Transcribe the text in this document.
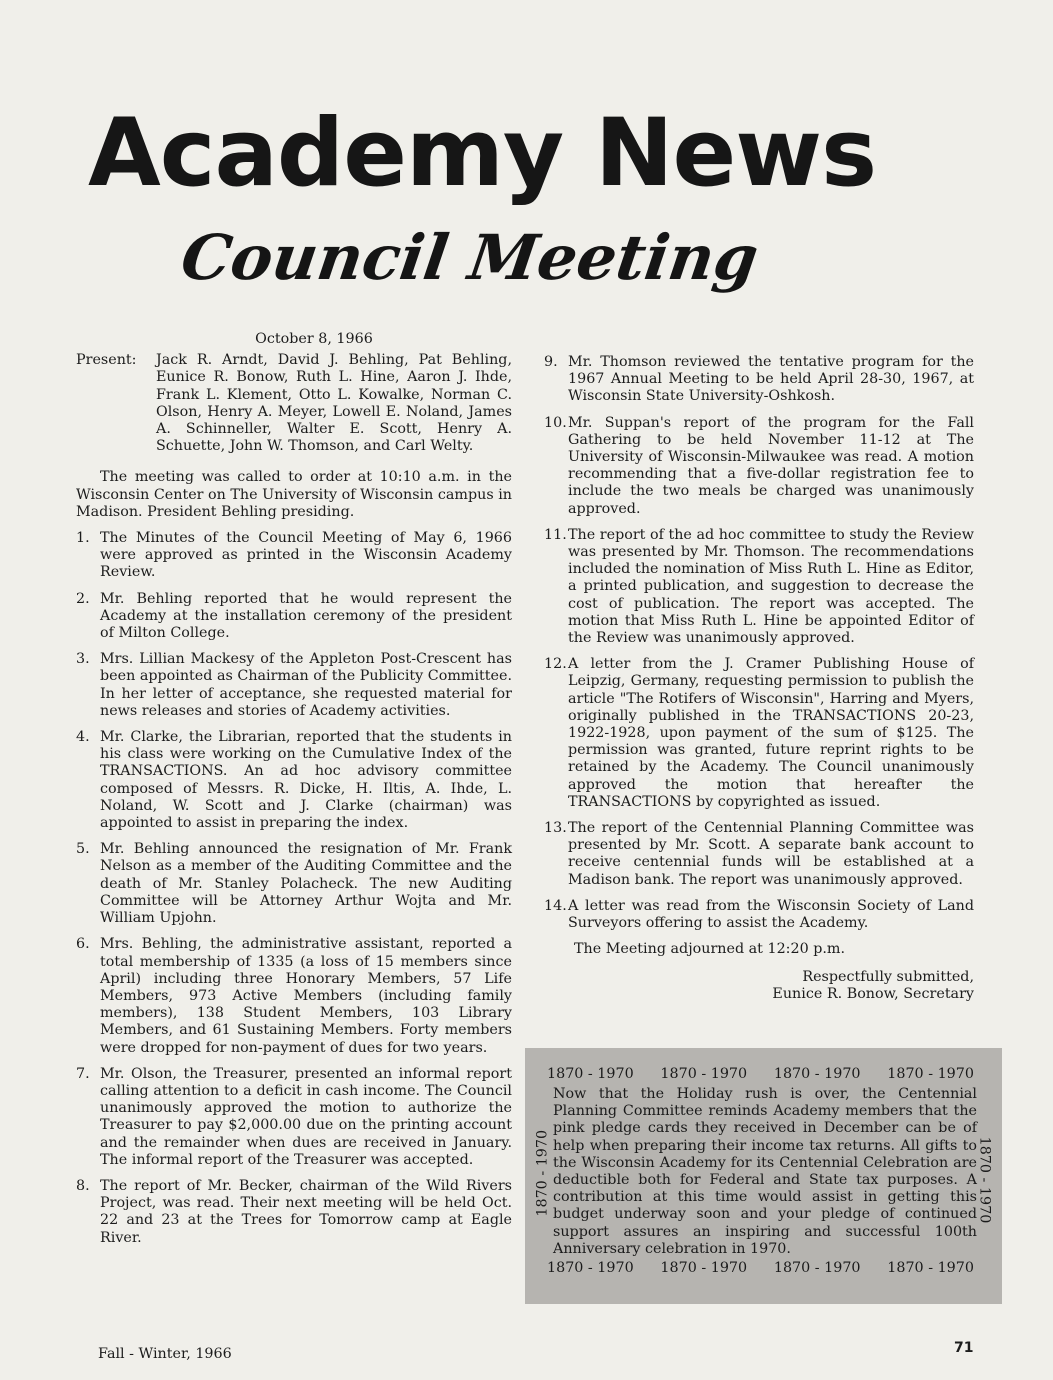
Academy News
Council Meeting
October 8, 1966
Present:	Jack R. Arndt, David J. Behling, Pat Behling, Eunice R. Bonow, Ruth L. Hine, Aaron J. Ihde, Frank L. Klement, Otto L. Kowalke, Norman C. Olson, Henry A. Meyer, Lowell E. Noland, James A. Schinneller, Walter E. Scott, Henry A. Schuette, John W. Thomson, and Carl Welty.
The meeting was called to order at 10:10 a.m. in the Wisconsin Center on The University of Wisconsin campus in Madison. President Behling presiding.
1. The Minutes of the Council Meeting of May 6, 1966 were approved as printed in the Wisconsin Academy Review.
2. Mr. Behling reported that he would represent the Academy at the installation ceremony of the president of Milton College.
3. Mrs. Lillian Mackesy of the Appleton Post-Crescent has been appointed as Chairman of the Publicity Committee. In her letter of acceptance, she requested material for news releases and stories of Academy activities.
4. Mr. Clarke, the Librarian, reported that the students in his class were working on the Cumulative Index of the TRANSACTIONS. An ad hoc advisory committee composed of Messrs. R. Dicke, H. Iltis, A. Ihde, L. Noland, W. Scott and J. Clarke (chairman) was appointed to assist in preparing the index.
5. Mr. Behling announced the resignation of Mr. Frank Nelson as a member of the Auditing Committee and the death of Mr. Stanley Polacheck. The new Auditing Committee will be Attorney Arthur Wojta and Mr. William Upjohn.
6. Mrs. Behling, the administrative assistant, reported a total membership of 1335 (a loss of 15 members since April) including three Honorary Members, 57 Life Members, 973 Active Members (including family members), 138 Student Members, 103 Library Members, and 61 Sustaining Members. Forty members were dropped for non-payment of dues for two years.
7. Mr. Olson, the Treasurer, presented an informal report calling attention to a deficit in cash income. The Council unanimously approved the motion to authorize the Treasurer to pay $2,000.00 due on the printing account and the remainder when dues are received in January. The informal report of the Treasurer was accepted.
8. The report of Mr. Becker, chairman of the Wild Rivers Project, was read. Their next meeting will be held Oct. 22 and 23 at the Trees for Tomorrow camp at Eagle River.
9. Mr. Thomson reviewed the tentative program for the 1967 Annual Meeting to be held April 28-30, 1967, at Wisconsin State University-Oshkosh.
10. Mr. Suppan's report of the program for the Fall Gathering to be held November 11-12 at The University of Wisconsin-Milwaukee was read. A motion recommending that a five-dollar registration fee to include the two meals be charged was unanimously approved.
11. The report of the ad hoc committee to study the Review was presented by Mr. Thomson. The recommendations included the nomination of Miss Ruth L. Hine as Editor, a printed publication, and suggestion to decrease the cost of publication. The report was accepted. The motion that Miss Ruth L. Hine be appointed Editor of the Review was unanimously approved.
12. A letter from the J. Cramer Publishing House of Leipzig, Germany, requesting permission to publish the article "The Rotifers of Wisconsin", Harring and Myers, originally published in the TRANSACTIONS 20-23, 1922-1928, upon payment of the sum of $125. The permission was granted, future reprint rights to be retained by the Academy. The Council unanimously approved the motion that hereafter the TRANSACTIONS by copyrighted as issued.
13. The report of the Centennial Planning Committee was presented by Mr. Scott. A separate bank account to receive centennial funds will be established at a Madison bank. The report was unanimously approved.
14. A letter was read from the Wisconsin Society of Land Surveyors offering to assist the Academy.
The Meeting adjourned at 12:20 p.m.
Respectfully submitted,
Eunice R. Bonow, Secretary
1870 - 1970 1870 - 1970 1870 - 1970 1870 - 1970
1870 - 1970
Now that the Holiday rush is over, the Centennial Planning Committee reminds Academy members that the pink pledge cards they received in December can be of help when preparing their income tax returns. All gifts to the Wisconsin Academy for its Centennial Celebration are deductible both for Federal and State tax purposes. A contribution at this time would assist in getting this budget underway soon and your pledge of continued support assures an inspiring and successful 100th Anniversary celebration in 1970.
1870 - 1970
1870 - 1970 1870 - 1970 1870 - 1970 1870 - 1970
Fall - Winter, 1966	71
